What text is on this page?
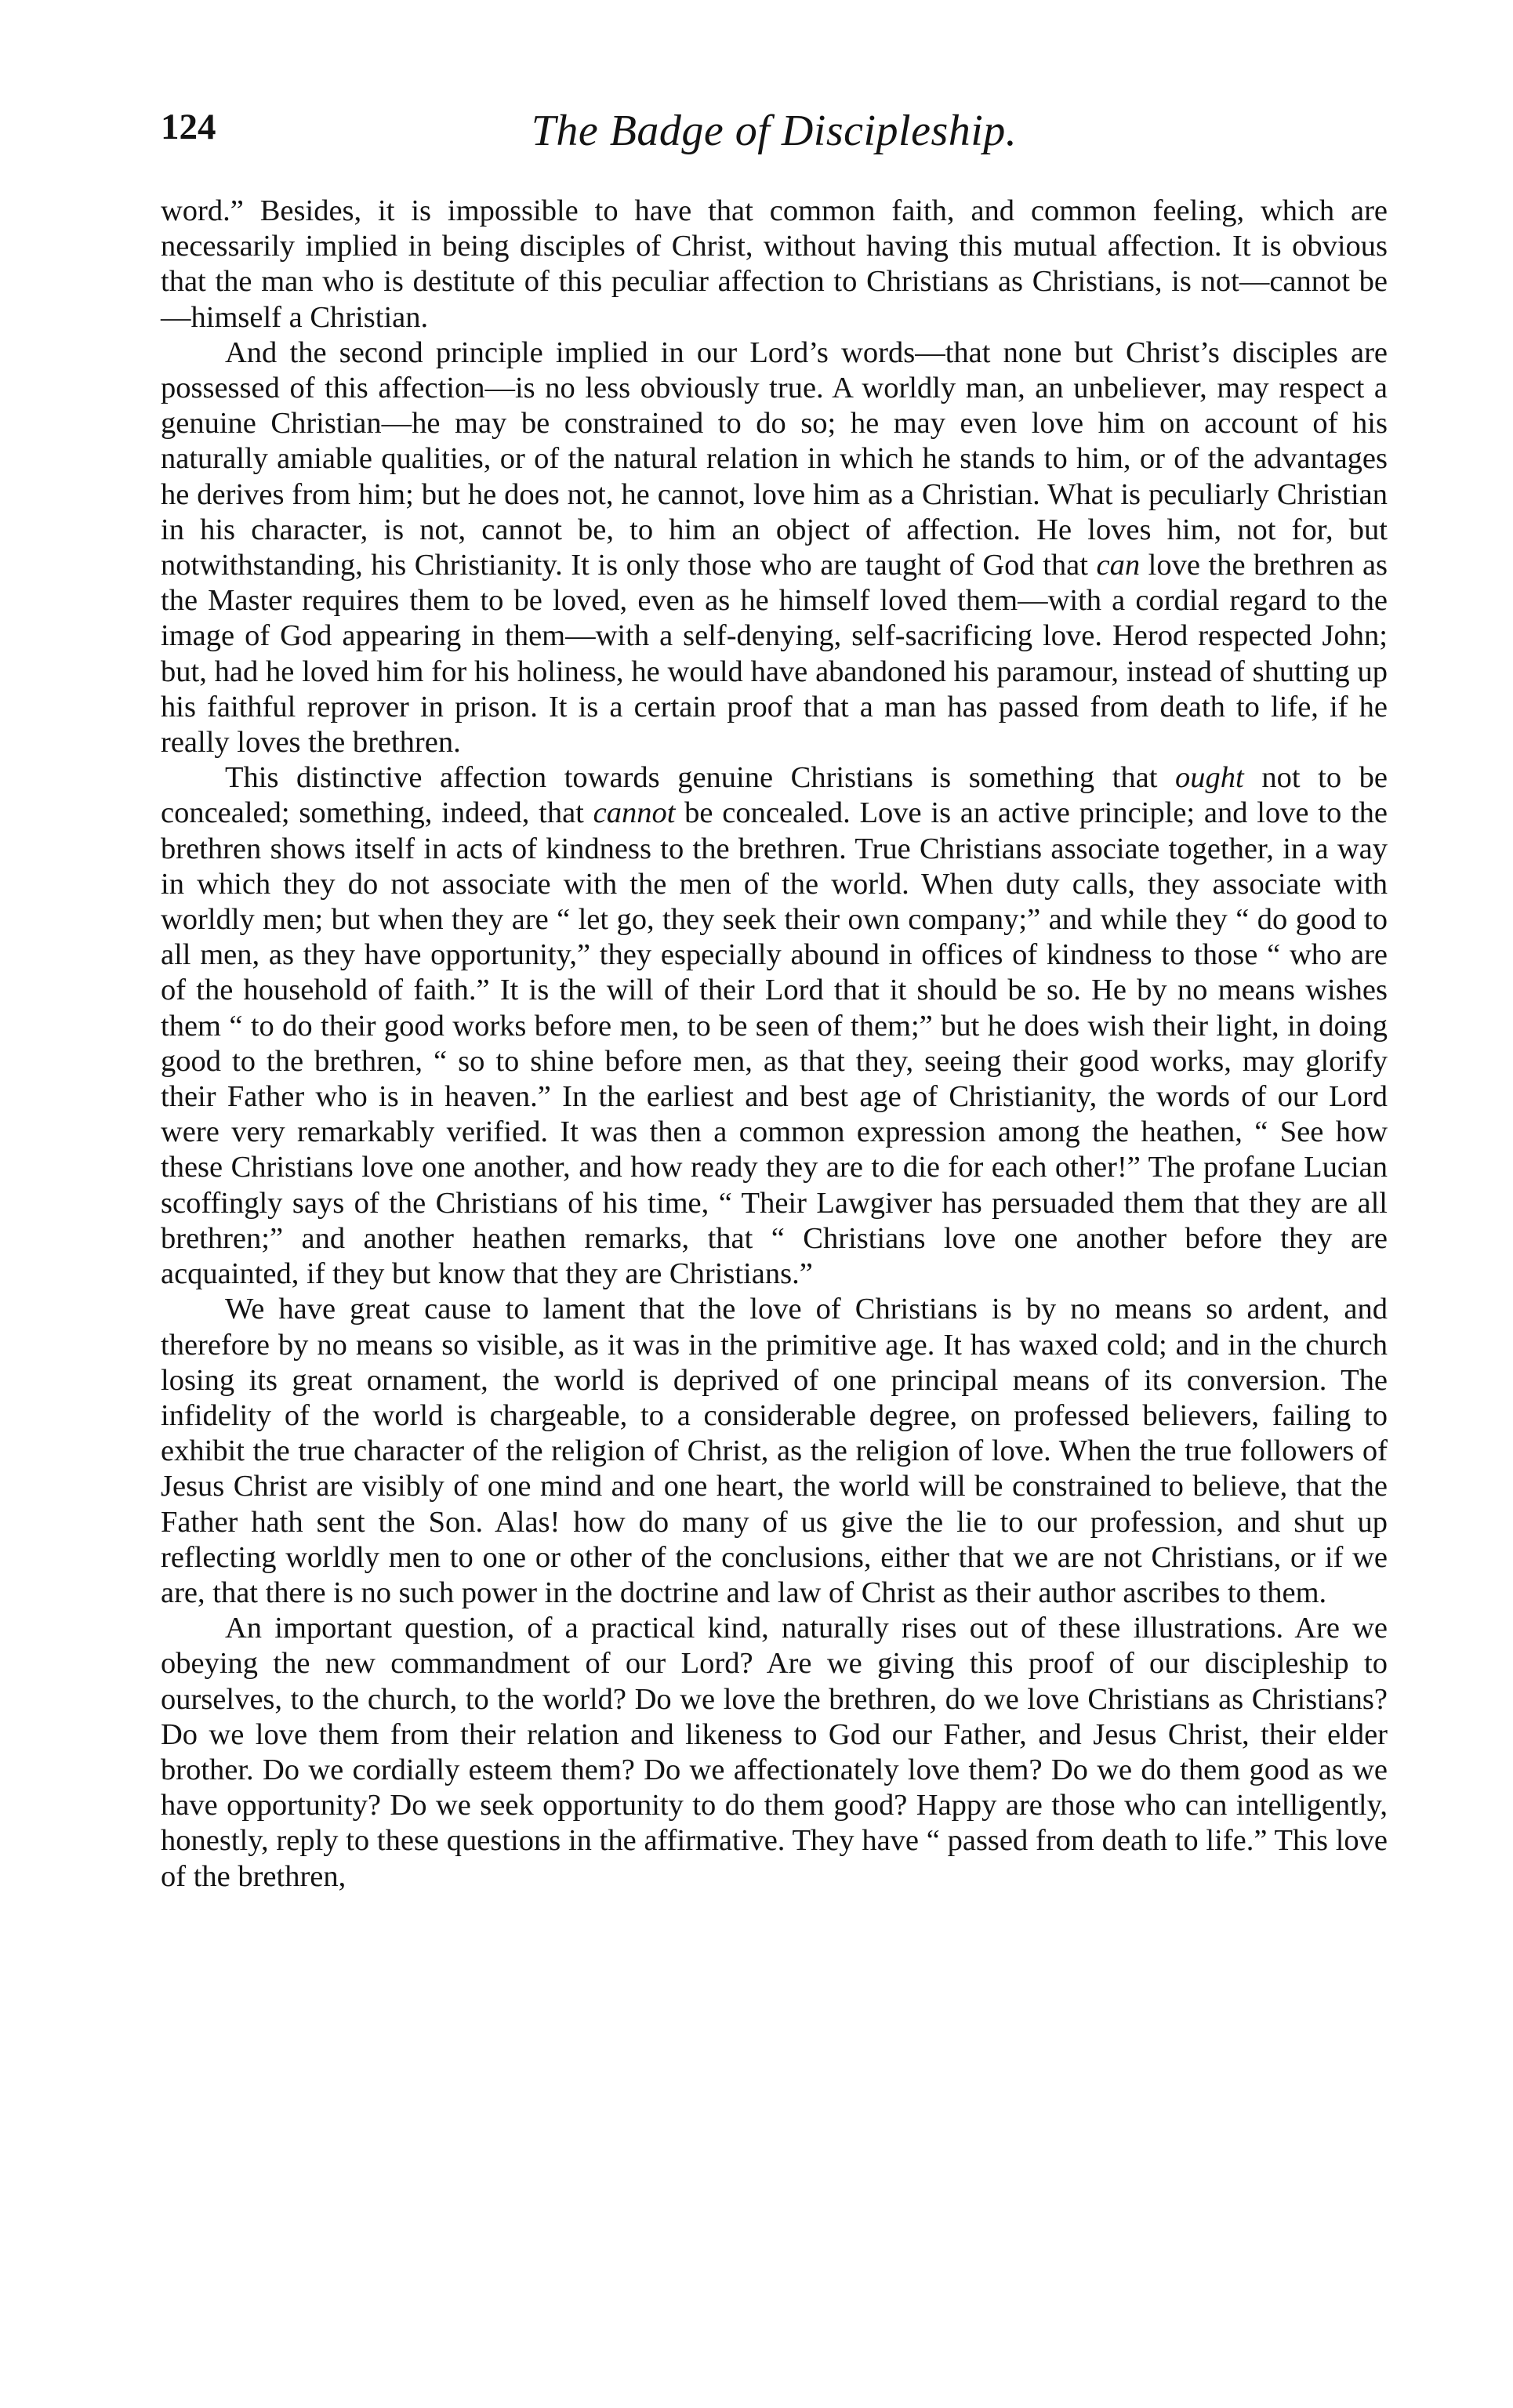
124	The Badge of Discipleship.

word.” Besides, it is impossible to have that common faith, and common feeling, which are necessarily implied in being disciples of Christ, without having this mutual affection. It is obvious that the man who is destitute of this peculiar affection to Christians as Christians, is not—cannot be—himself a Christian.

And the second principle implied in our Lord’s words—that none but Christ’s disciples are possessed of this affection—is no less obviously true. A worldly man, an unbeliever, may respect a genuine Christian—he may be constrained to do so; he may even love him on account of his naturally amiable qualities, or of the natural relation in which he stands to him, or of the advantages he derives from him; but he does not, he cannot, love him as a Christian. What is peculiarly Christian in his character, is not, cannot be, to him an object of affection. He loves him, not for, but notwithstanding, his Christianity. It is only those who are taught of God that can love the brethren as the Master requires them to be loved, even as he himself loved them—with a cordial regard to the image of God appearing in them—with a self-denying, self-sacrificing love. Herod respected John; but, had he loved him for his holiness, he would have abandoned his paramour, instead of shutting up his faithful reprover in prison. It is a certain proof that a man has passed from death to life, if he really loves the brethren.

This distinctive affection towards genuine Christians is something that ought not to be concealed; something, indeed, that cannot be concealed. Love is an active principle; and love to the brethren shows itself in acts of kindness to the brethren. True Christians associate together, in a way in which they do not associate with the men of the world. When duty calls, they associate with worldly men; but when they are “ let go, they seek their own company;” and while they “ do good to all men, as they have opportunity,” they especially abound in offices of kindness to those “ who are of the household of faith.” It is the will of their Lord that it should be so. He by no means wishes them “ to do their good works before men, to be seen of them;” but he does wish their light, in doing good to the brethren, “ so to shine before men, as that they, seeing their good works, may glorify their Father who is in heaven.” In the earliest and best age of Christianity, the words of our Lord were very remarkably verified. It was then a common expression among the heathen, “ See how these Christians love one another, and how ready they are to die for each other!” The profane Lucian scoffingly says of the Christians of his time, “ Their Lawgiver has persuaded them that they are all brethren;” and another heathen remarks, that “ Christians love one another before they are acquainted, if they but know that they are Christians.”

We have great cause to lament that the love of Christians is by no means so ardent, and therefore by no means so visible, as it was in the primitive age. It has waxed cold; and in the church losing its great ornament, the world is deprived of one principal means of its conversion. The infidelity of the world is chargeable, to a considerable degree, on professed believers, failing to exhibit the true character of the religion of Christ, as the religion of love. When the true followers of Jesus Christ are visibly of one mind and one heart, the world will be constrained to believe, that the Father hath sent the Son. Alas! how do many of us give the lie to our profession, and shut up reflecting worldly men to one or other of the conclusions, either that we are not Christians, or if we are, that there is no such power in the doctrine and law of Christ as their author ascribes to them.

An important question, of a practical kind, naturally rises out of these illustrations. Are we obeying the new commandment of our Lord? Are we giving this proof of our discipleship to ourselves, to the church, to the world? Do we love the brethren, do we love Christians as Christians? Do we love them from their relation and likeness to God our Father, and Jesus Christ, their elder brother. Do we cordially esteem them? Do we affectionately love them? Do we do them good as we have opportunity? Do we seek opportunity to do them good? Happy are those who can intelligently, honestly, reply to these questions in the affirmative. They have “ passed from death to life.” This love of the brethren,
